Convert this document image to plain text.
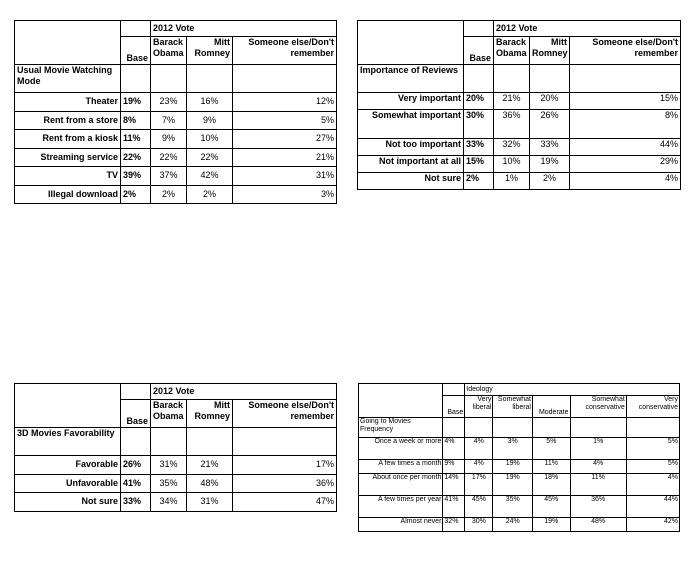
		2012 Vote		
	Base	Barack Obama	Mitt Romney	Someone else/Don't remember
Usual Movie Watching Mode				
Theater	19%	23%	16%	12%
Rent from a store	8%	7%	9%	5%
Rent from a kiosk	11%	9%	10%	27%
Streaming service	22%	22%	22%	21%
TV	39%	37%	42%	31%
Illegal download	2%	2%	2%	3%
		2012 Vote		
	Base	Barack Obama	Mitt Romney	Someone else/Don't remember
Importance of Reviews				
Very important	20%	21%	20%	15%
Somewhat important	30%	36%	26%	8%
Not too important	33%	32%	33%	44%
Not important at all	15%	10%	19%	29%
Not sure	2%	1%	2%	4%
		2012 Vote		
	Base	Barack Obama	Mitt Romney	Someone else/Don't remember
3D Movies Favorability				
Favorable	26%	31%	21%	17%
Unfavorable	41%	35%	48%	36%
Not sure	33%	34%	31%	47%
		Ideology				
	Base	Very liberal	Somewhat liberal	Moderate	Somewhat conservative	Very conservative
Going to Movies Frequency						
Once a week or more	4%	4%	3%	5%	1%	5%
A few times a month	9%	4%	19%	11%	4%	5%
About once per month	14%	17%	19%	18%	11%	4%
A few times per year	41%	45%	35%	45%	36%	44%
Almost never	32%	30%	24%	19%	48%	42%
